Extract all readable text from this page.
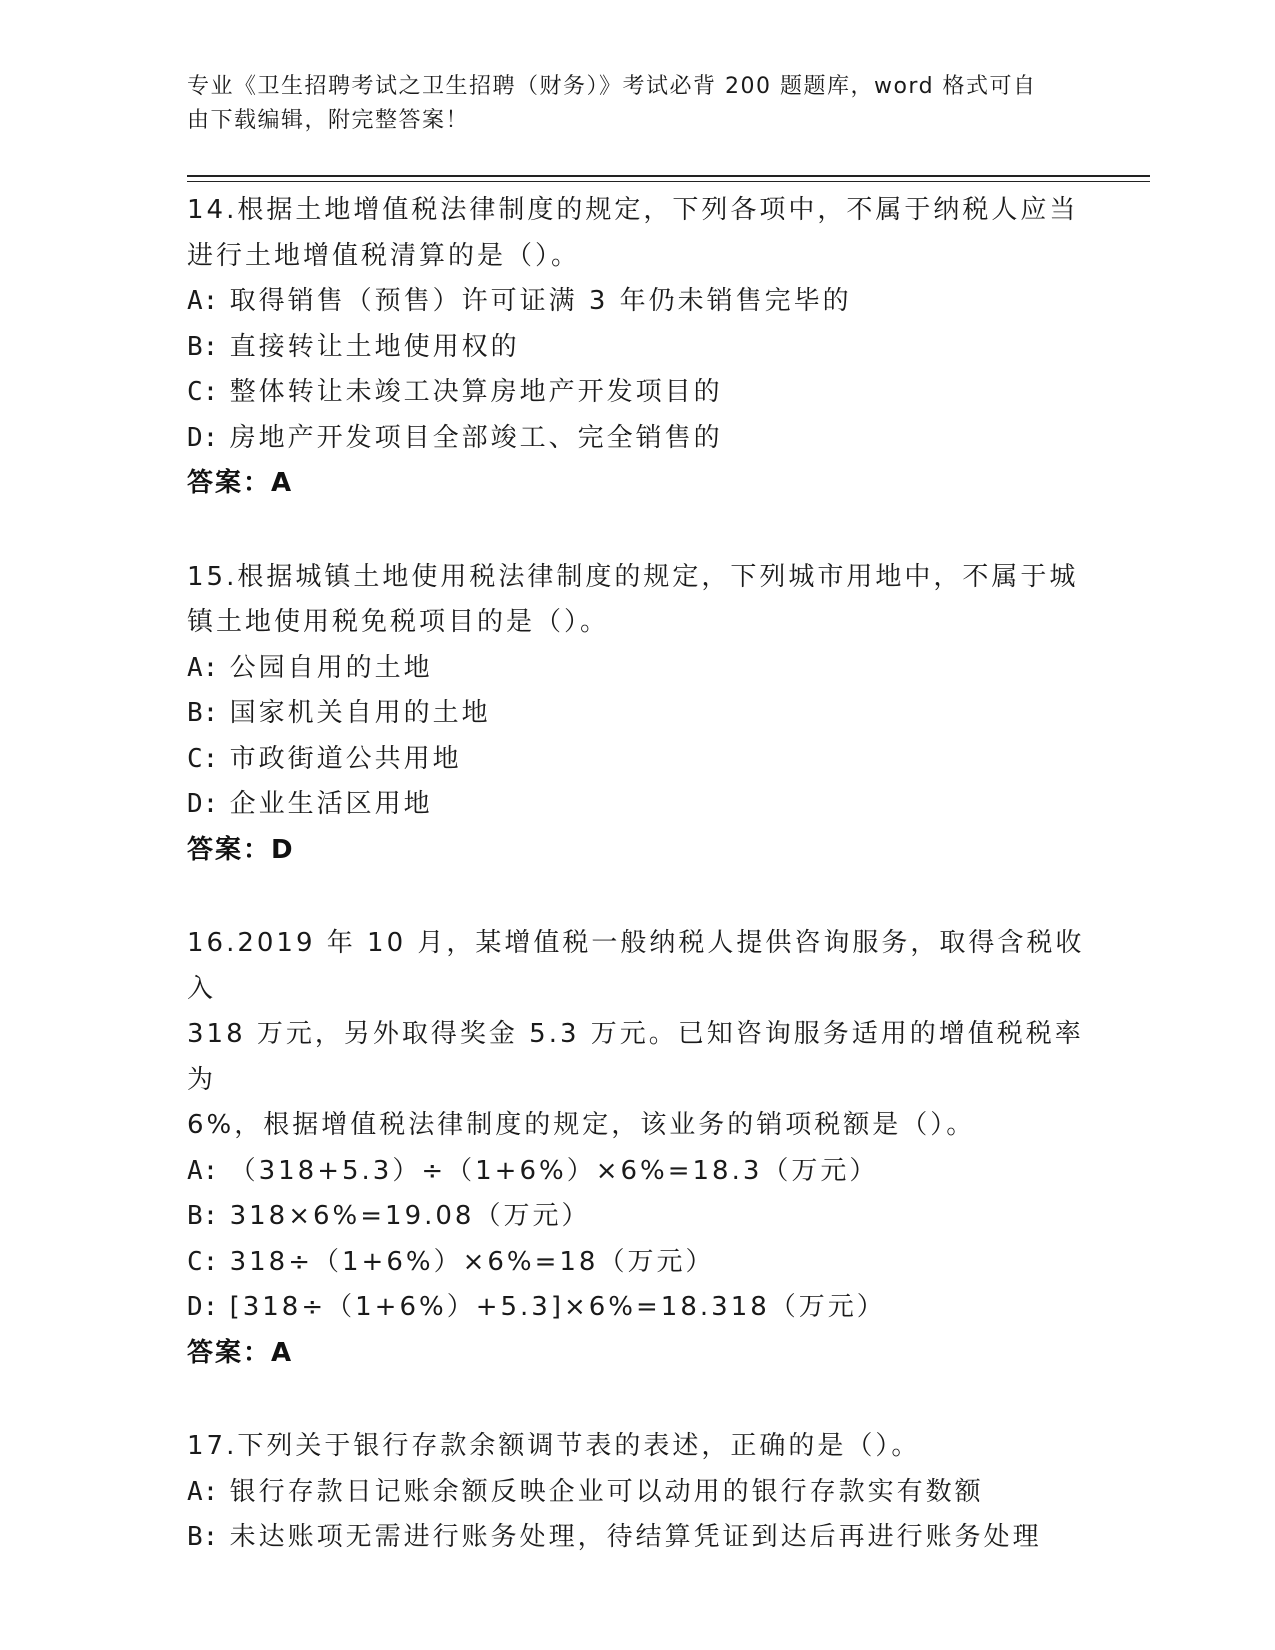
专业《卫生招聘考试之卫生招聘（财务）》考试必背 200 题题库，word 格式可自
由下载编辑，附完整答案！
14.根据土地增值税法律制度的规定，下列各项中，不属于纳税人应当
进行土地增值税清算的是（）。
A: 取得销售（预售）许可证满 3 年仍未销售完毕的
B: 直接转让土地使用权的
C: 整体转让未竣工决算房地产开发项目的
D: 房地产开发项目全部竣工、完全销售的
答案：A
15.根据城镇土地使用税法律制度的规定，下列城市用地中，不属于城
镇土地使用税免税项目的是（）。
A: 公园自用的土地
B: 国家机关自用的土地
C: 市政街道公共用地
D: 企业生活区用地
答案：D
16.2019 年 10 月，某增值税一般纳税人提供咨询服务，取得含税收入
318 万元，另外取得奖金 5.3 万元。已知咨询服务适用的增值税税率为
6%，根据增值税法律制度的规定，该业务的销项税额是（）。
A: （318+5.3）÷（1+6%）×6%=18.3（万元）
B: 318×6%=19.08（万元）
C: 318÷（1+6%）×6%=18（万元）
D: [318÷（1+6%）+5.3]×6%=18.318（万元）
答案：A
17.下列关于银行存款余额调节表的表述，正确的是（）。
A: 银行存款日记账余额反映企业可以动用的银行存款实有数额
B: 未达账项无需进行账务处理，待结算凭证到达后再进行账务处理
